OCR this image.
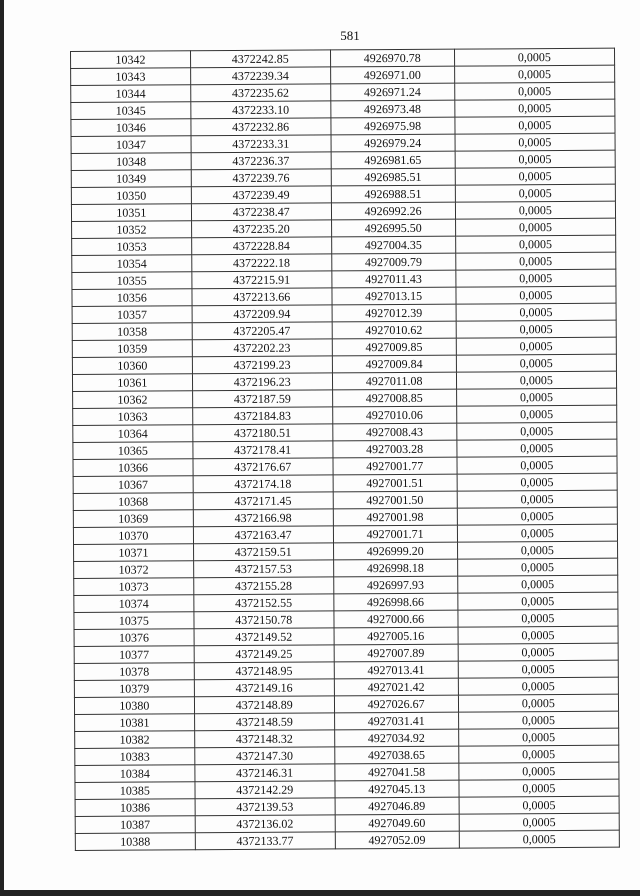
581
10342	4372242.85	4926970.78	0,0005
10343	4372239.34	4926971.00	0,0005
10344	4372235.62	4926971.24	0,0005
10345	4372233.10	4926973.48	0,0005
10346	4372232.86	4926975.98	0,0005
10347	4372233.31	4926979.24	0,0005
10348	4372236.37	4926981.65	0,0005
10349	4372239.76	4926985.51	0,0005
10350	4372239.49	4926988.51	0,0005
10351	4372238.47	4926992.26	0,0005
10352	4372235.20	4926995.50	0,0005
10353	4372228.84	4927004.35	0,0005
10354	4372222.18	4927009.79	0,0005
10355	4372215.91	4927011.43	0,0005
10356	4372213.66	4927013.15	0,0005
10357	4372209.94	4927012.39	0,0005
10358	4372205.47	4927010.62	0,0005
10359	4372202.23	4927009.85	0,0005
10360	4372199.23	4927009.84	0,0005
10361	4372196.23	4927011.08	0,0005
10362	4372187.59	4927008.85	0,0005
10363	4372184.83	4927010.06	0,0005
10364	4372180.51	4927008.43	0,0005
10365	4372178.41	4927003.28	0,0005
10366	4372176.67	4927001.77	0,0005
10367	4372174.18	4927001.51	0,0005
10368	4372171.45	4927001.50	0,0005
10369	4372166.98	4927001.98	0,0005
10370	4372163.47	4927001.71	0,0005
10371	4372159.51	4926999.20	0,0005
10372	4372157.53	4926998.18	0,0005
10373	4372155.28	4926997.93	0,0005
10374	4372152.55	4926998.66	0,0005
10375	4372150.78	4927000.66	0,0005
10376	4372149.52	4927005.16	0,0005
10377	4372149.25	4927007.89	0,0005
10378	4372148.95	4927013.41	0,0005
10379	4372149.16	4927021.42	0,0005
10380	4372148.89	4927026.67	0,0005
10381	4372148.59	4927031.41	0,0005
10382	4372148.32	4927034.92	0,0005
10383	4372147.30	4927038.65	0,0005
10384	4372146.31	4927041.58	0,0005
10385	4372142.29	4927045.13	0,0005
10386	4372139.53	4927046.89	0,0005
10387	4372136.02	4927049.60	0,0005
10388	4372133.77	4927052.09	0,0005
